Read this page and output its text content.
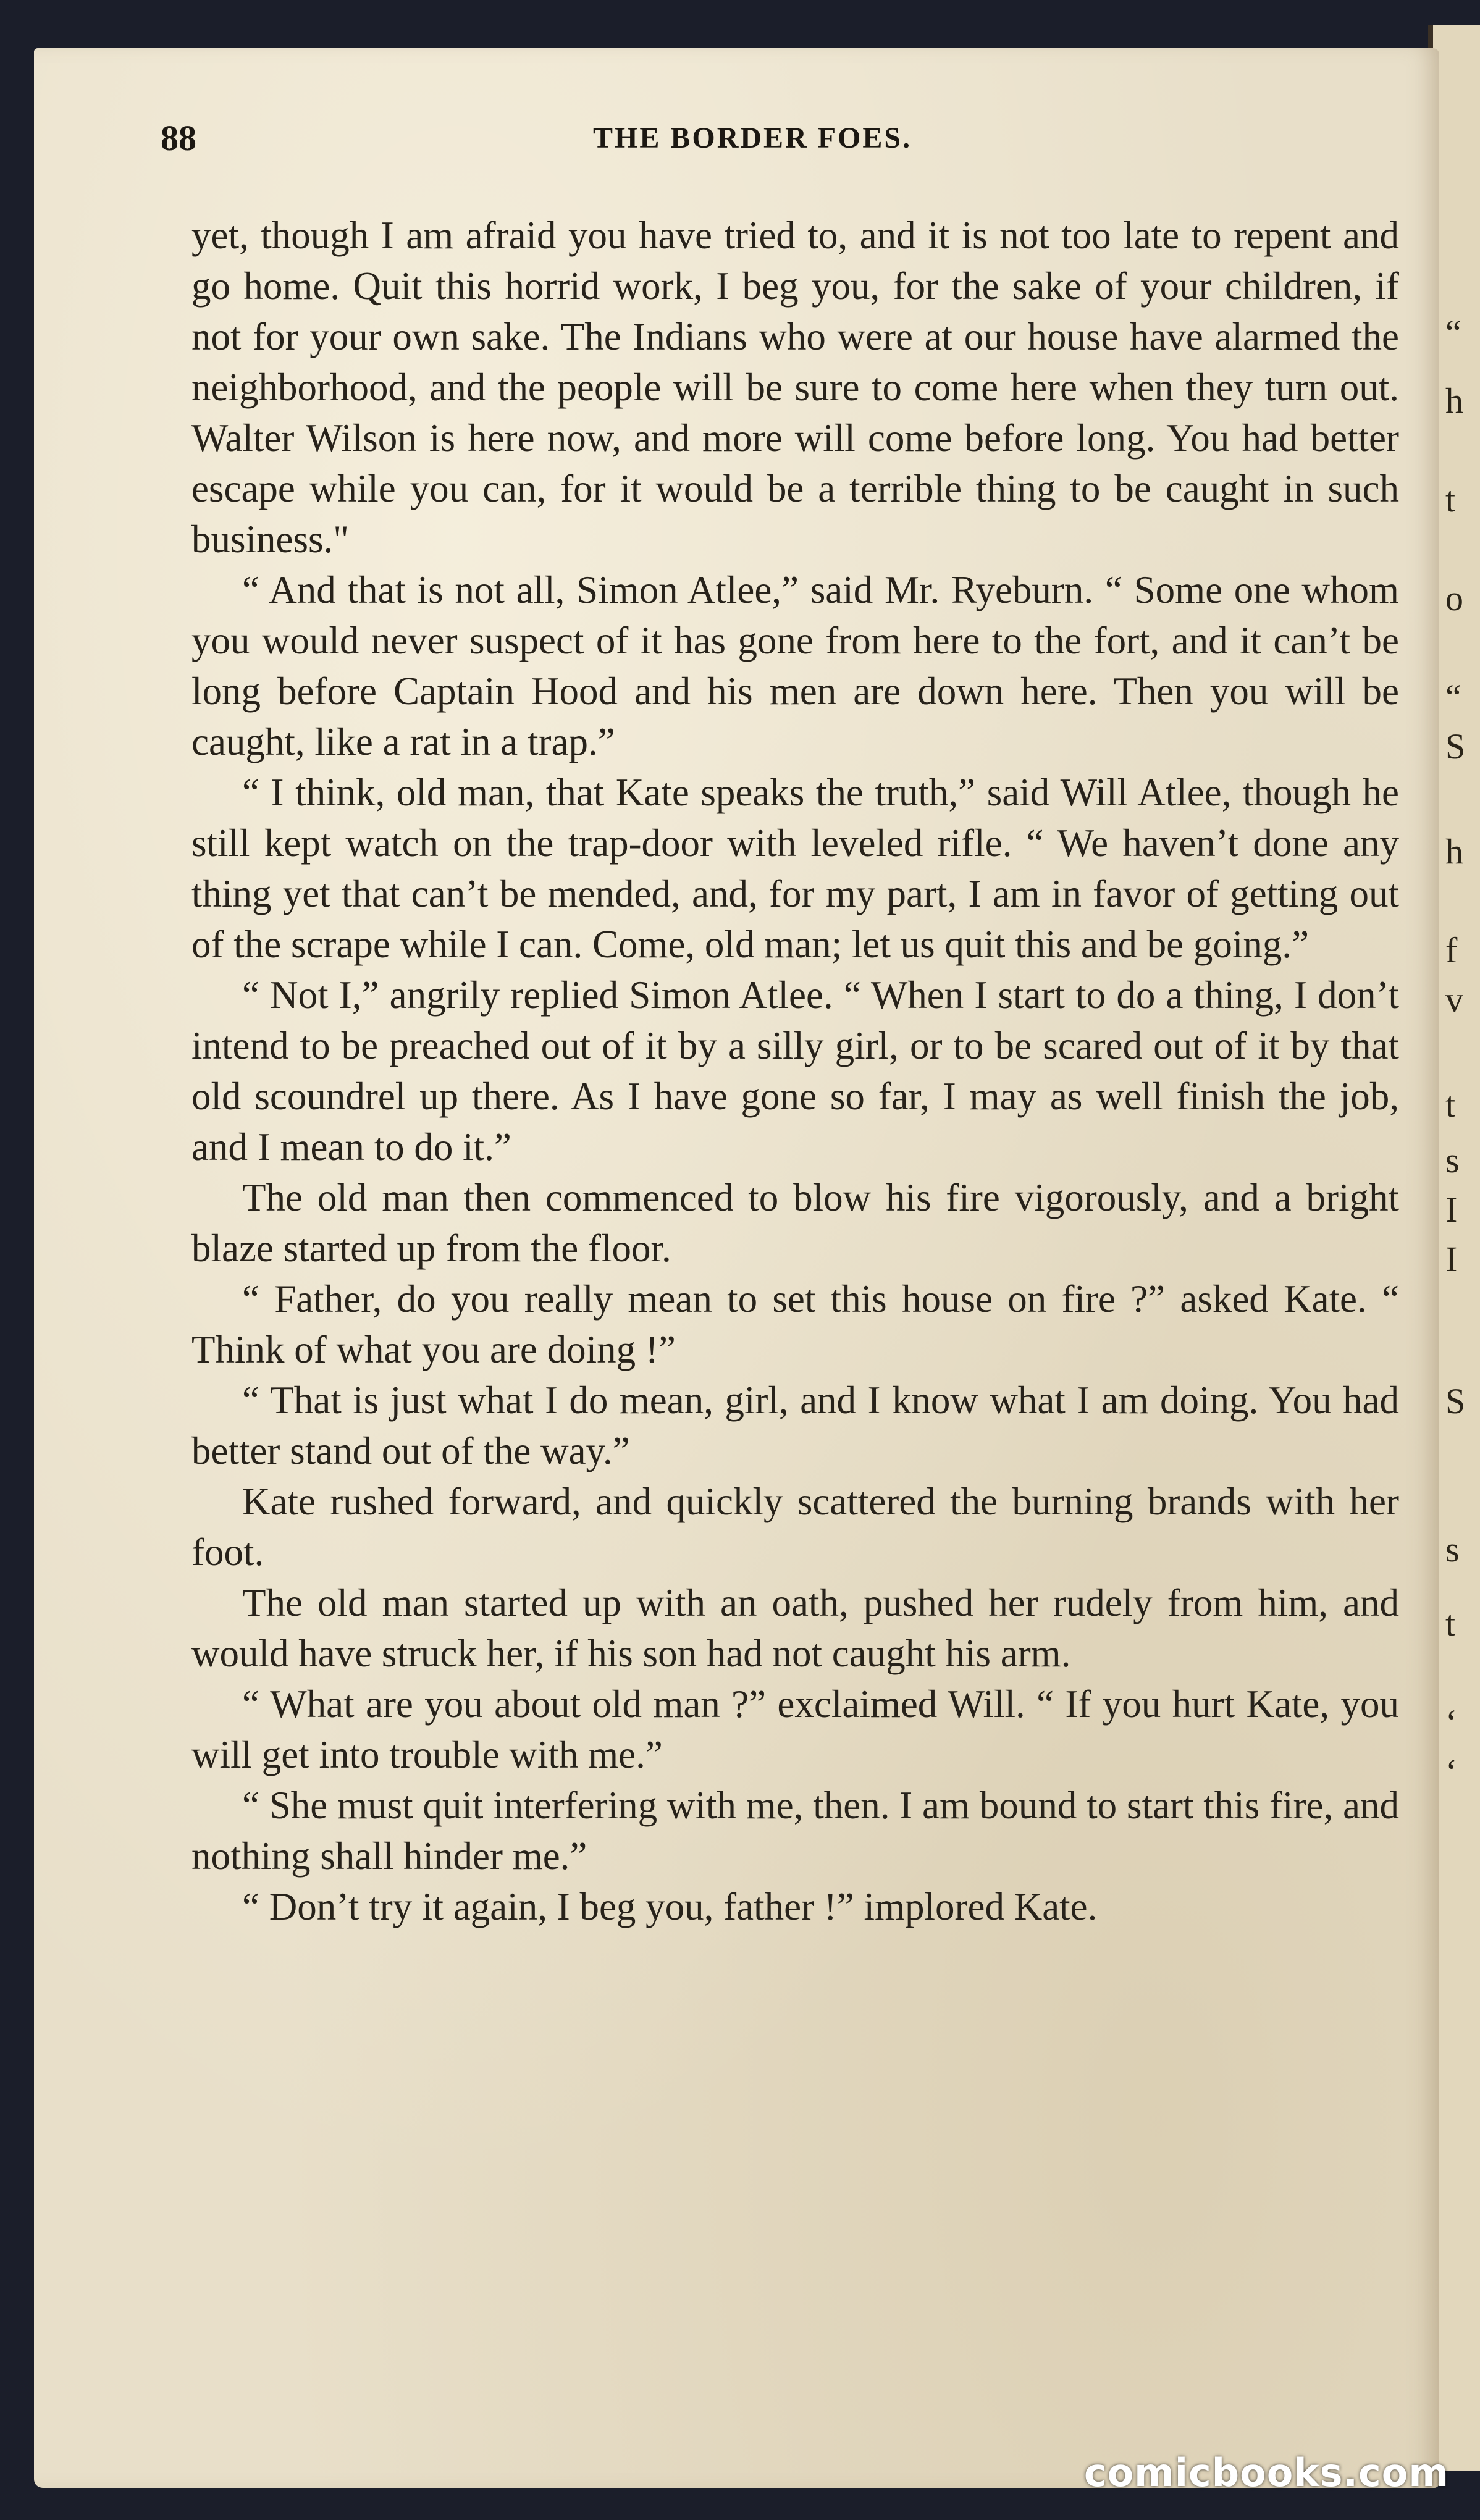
“
h
t
o
“
S
h
f
v
t
s
I
I
S
s
t
‘
‘
88	THE BORDER FOES.

yet, though I am afraid you have tried to, and it is not too late to repent and go home. Quit this horrid work, I beg you, for the sake of your children, if not for your own sake. The Indians who were at our house have alarmed the neighborhood, and the people will be sure to come here when they turn out. Walter Wilson is here now, and more will come before long. You had better escape while you can, for it would be a terrible thing to be caught in such business."

“ And that is not all, Simon Atlee,” said Mr. Ryeburn. “ Some one whom you would never suspect of it has gone from here to the fort, and it can’t be long before Captain Hood and his men are down here. Then you will be caught, like a rat in a trap.”

“ I think, old man, that Kate speaks the truth,” said Will Atlee, though he still kept watch on the trap-door with leveled rifle. “ We haven’t done any thing yet that can’t be mended, and, for my part, I am in favor of getting out of the scrape while I can. Come, old man; let us quit this and be going.”

“ Not I,” angrily replied Simon Atlee. “ When I start to do a thing, I don’t intend to be preached out of it by a silly girl, or to be scared out of it by that old scoundrel up there. As I have gone so far, I may as well finish the job, and I mean to do it.”

The old man then commenced to blow his fire vigorously, and a bright blaze started up from the floor.

“ Father, do you really mean to set this house on fire ?” asked Kate. “ Think of what you are doing !”

“ That is just what I do mean, girl, and I know what I am doing. You had better stand out of the way.”

Kate rushed forward, and quickly scattered the burning brands with her foot.

The old man started up with an oath, pushed her rudely from him, and would have struck her, if his son had not caught his arm.

“ What are you about old man ?” exclaimed Will. “ If you hurt Kate, you will get into trouble with me.”

“ She must quit interfering with me, then. I am bound to start this fire, and nothing shall hinder me.”

“ Don’t try it again, I beg you, father !” implored Kate.

comicbooks.com
